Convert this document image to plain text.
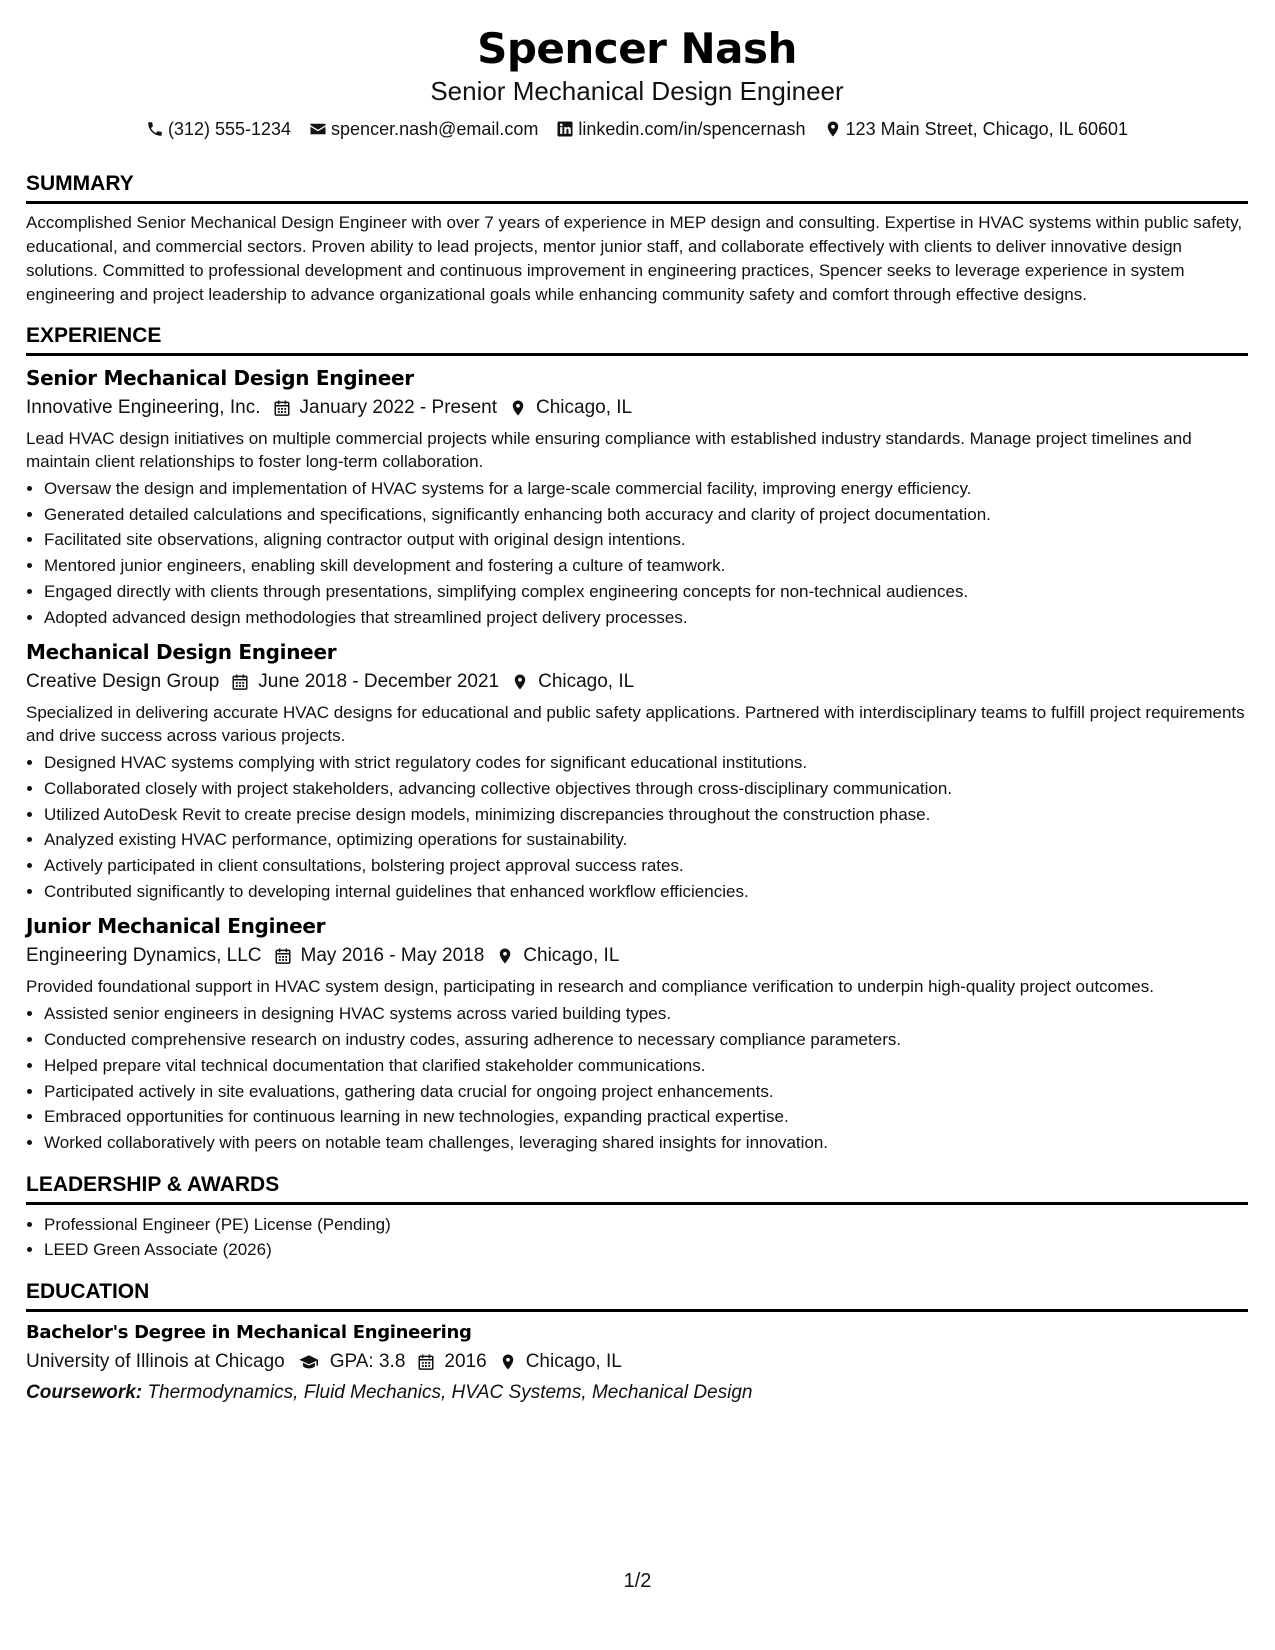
Spencer Nash
Senior Mechanical Design Engineer
(312) 555-1234 spencer.nash@email.com linkedin.com/in/spencernash 123 Main Street, Chicago, IL 60601
SUMMARY
Accomplished Senior Mechanical Design Engineer with over 7 years of experience in MEP design and consulting. Expertise in HVAC systems within public safety, educational, and commercial sectors. Proven ability to lead projects, mentor junior staff, and collaborate effectively with clients to deliver innovative design solutions. Committed to professional development and continuous improvement in engineering practices, Spencer seeks to leverage experience in system engineering and project leadership to advance organizational goals while enhancing community safety and comfort through effective designs.
EXPERIENCE
Senior Mechanical Design Engineer
Innovative Engineering, Inc. January 2022 - Present Chicago, IL
Lead HVAC design initiatives on multiple commercial projects while ensuring compliance with established industry standards. Manage project timelines and maintain client relationships to foster long-term collaboration.
• Oversaw the design and implementation of HVAC systems for a large-scale commercial facility, improving energy efficiency.
• Generated detailed calculations and specifications, significantly enhancing both accuracy and clarity of project documentation.
• Facilitated site observations, aligning contractor output with original design intentions.
• Mentored junior engineers, enabling skill development and fostering a culture of teamwork.
• Engaged directly with clients through presentations, simplifying complex engineering concepts for non-technical audiences.
• Adopted advanced design methodologies that streamlined project delivery processes.
Mechanical Design Engineer
Creative Design Group June 2018 - December 2021 Chicago, IL
Specialized in delivering accurate HVAC designs for educational and public safety applications. Partnered with interdisciplinary teams to fulfill project requirements and drive success across various projects.
• Designed HVAC systems complying with strict regulatory codes for significant educational institutions.
• Collaborated closely with project stakeholders, advancing collective objectives through cross-disciplinary communication.
• Utilized AutoDesk Revit to create precise design models, minimizing discrepancies throughout the construction phase.
• Analyzed existing HVAC performance, optimizing operations for sustainability.
• Actively participated in client consultations, bolstering project approval success rates.
• Contributed significantly to developing internal guidelines that enhanced workflow efficiencies.
Junior Mechanical Engineer
Engineering Dynamics, LLC May 2016 - May 2018 Chicago, IL
Provided foundational support in HVAC system design, participating in research and compliance verification to underpin high-quality project outcomes.
• Assisted senior engineers in designing HVAC systems across varied building types.
• Conducted comprehensive research on industry codes, assuring adherence to necessary compliance parameters.
• Helped prepare vital technical documentation that clarified stakeholder communications.
• Participated actively in site evaluations, gathering data crucial for ongoing project enhancements.
• Embraced opportunities for continuous learning in new technologies, expanding practical expertise.
• Worked collaboratively with peers on notable team challenges, leveraging shared insights for innovation.
LEADERSHIP & AWARDS
• Professional Engineer (PE) License (Pending)
• LEED Green Associate (2026)
EDUCATION
Bachelor's Degree in Mechanical Engineering
University of Illinois at Chicago GPA: 3.8 2016 Chicago, IL
Coursework: Thermodynamics, Fluid Mechanics, HVAC Systems, Mechanical Design
1/2
